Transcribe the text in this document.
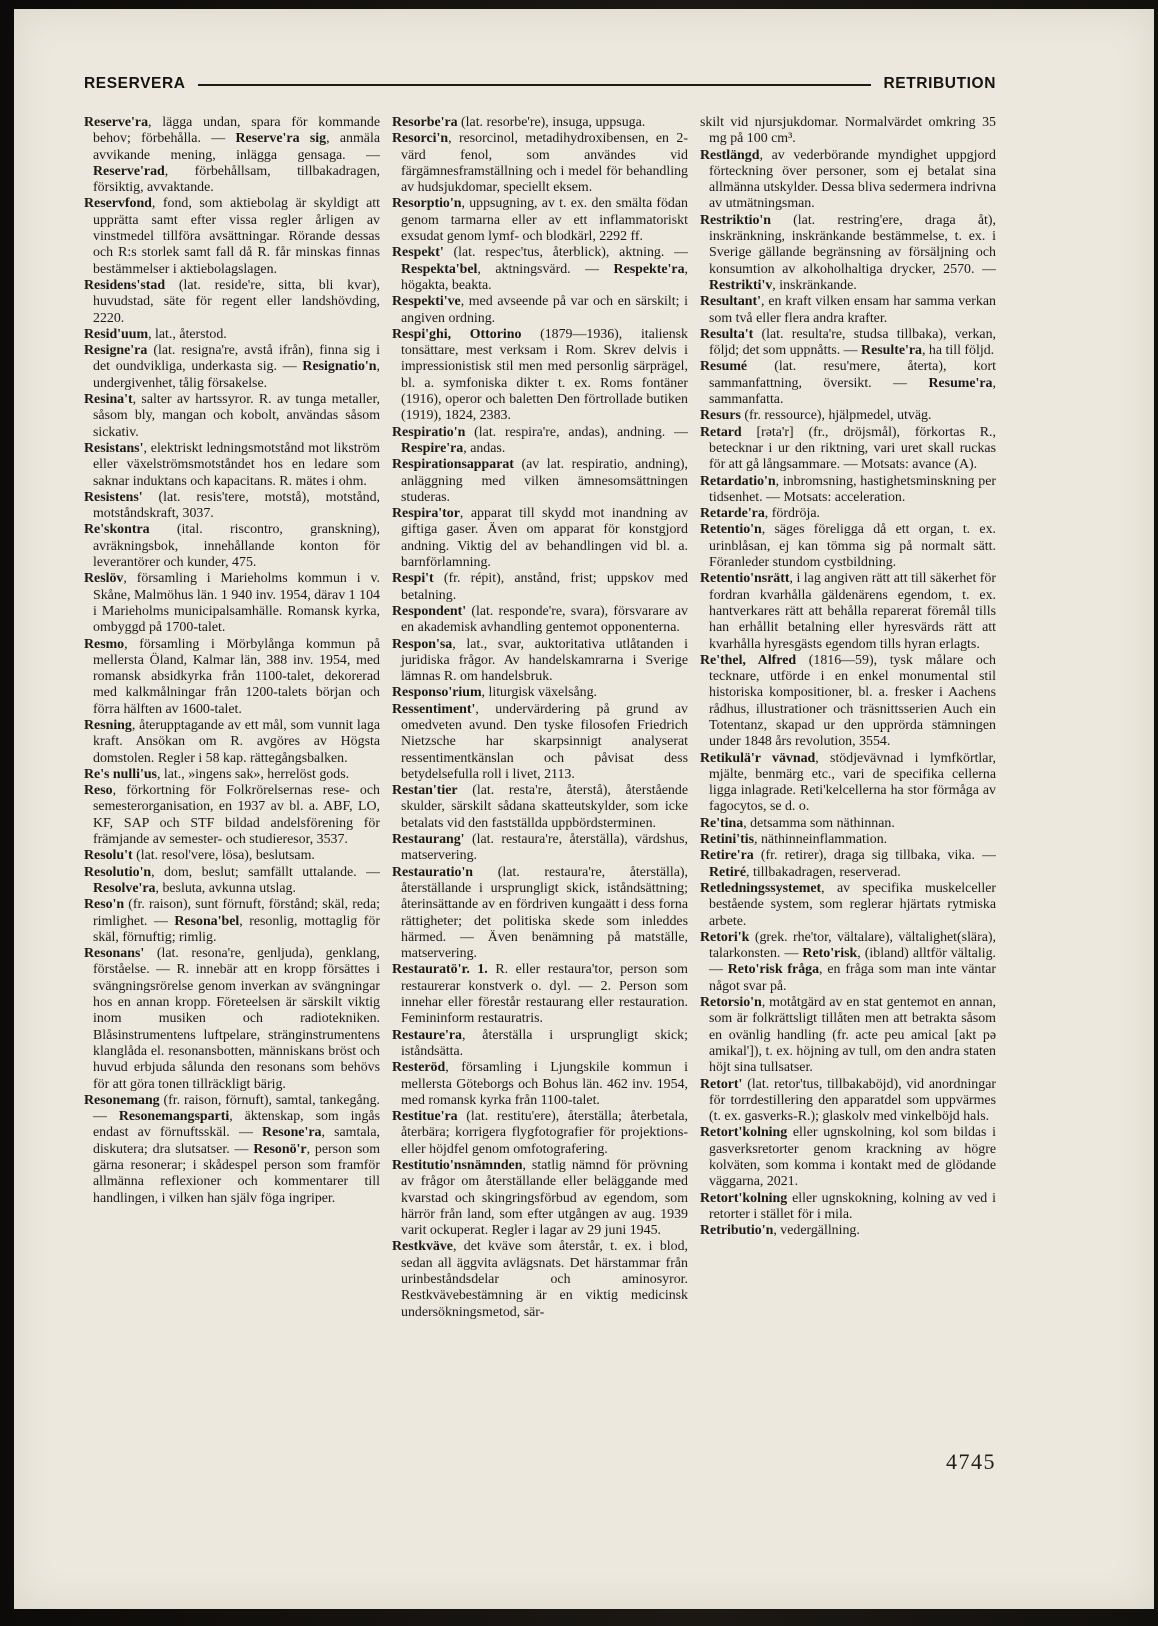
RESERVERA	RETRIBUTION

Reserve'ra, lägga undan, spara för kommande behov; förbehålla. — Reserve'ra sig, anmäla avvikande mening, inlägga gensaga. — Reserve'rad, förbehållsam, tillbakadragen, försiktig, avvaktande.

Reservfond, fond, som aktiebolag är skyldigt att upprätta samt efter vissa regler årligen av vinstmedel tillföra avsättningar. Rörande dessas och R:s storlek samt fall då R. får minskas finnas bestämmelser i aktiebolagslagen.

Residens'stad (lat. reside're, sitta, bli kvar), huvudstad, säte för regent eller landshövding, 2220.

Resid'uum, lat., återstod.

Resigne'ra (lat. resigna're, avstå ifrån), finna sig i det oundvikliga, underkasta sig. — Resignatio'n, undergivenhet, tålig försakelse.

Resina't, salter av hartssyror. R. av tunga metaller, såsom bly, mangan och kobolt, användas såsom sickativ.

Resistans', elektriskt ledningsmotstånd mot likström eller växelströmsmotståndet hos en ledare som saknar induktans och kapacitans. R. mätes i ohm.

Resistens' (lat. resis'tere, motstå), motstånd, motståndskraft, 3037.

Re'skontra (ital. riscontro, granskning), avräkningsbok, innehållande konton för leverantörer och kunder, 475.

Reslöv, församling i Marieholms kommun i v. Skåne, Malmöhus län. 1 940 inv. 1954, därav 1 104 i Marieholms municipalsamhälle. Romansk kyrka, ombyggd på 1700-talet.

Resmo, församling i Mörbylånga kommun på mellersta Öland, Kalmar län, 388 inv. 1954, med romansk absidkyrka från 1100-talet, dekorerad med kalkmålningar från 1200-talets början och förra hälften av 1600-talet.

Resning, återupptagande av ett mål, som vunnit laga kraft. Ansökan om R. avgöres av Högsta domstolen. Regler i 58 kap. rättegångsbalken.

Re's nulli'us, lat., »ingens sak», herrelöst gods.

Reso, förkortning för Folkrörelsernas rese- och semesterorganisation, en 1937 av bl. a. ABF, LO, KF, SAP och STF bildad andelsförening för främjande av semester- och studieresor, 3537.

Resolu't (lat. resol'vere, lösa), beslutsam.

Resolutio'n, dom, beslut; samfällt uttalande. — Resolve'ra, besluta, avkunna utslag.

Reso'n (fr. raison), sunt förnuft, förstånd; skäl, reda; rimlighet. — Resona'bel, resonlig, mottaglig för skäl, förnuftig; rimlig.

Resonans' (lat. resona're, genljuda), genklang, förståelse. — R. innebär att en kropp försättes i svängningsrörelse genom inverkan av svängningar hos en annan kropp. Företeelsen är särskilt viktig inom musiken och radiotekniken. Blåsinstrumentens luftpelare, stränginstrumentens klanglåda el. resonansbotten, människans bröst och huvud erbjuda sålunda den resonans som behövs för att göra tonen tillräckligt bärig.

Resonemang (fr. raison, förnuft), samtal, tankegång. — Resonemangsparti, äktenskap, som ingås endast av förnuftsskäl. — Resone'ra, samtala, diskutera; dra slutsatser. — Resonö'r, person som gärna resonerar; i skådespel person som framför allmänna reflexioner och kommentarer till handlingen, i vilken han själv föga ingriper.

Resorbe'ra (lat. resorbe're), insuga, uppsuga.

Resorci'n, resorcinol, metadihydroxibensen, en 2-värd fenol, som användes vid färgämnesframställning och i medel för behandling av hudsjukdomar, speciellt eksem.

Resorptio'n, uppsugning, av t. ex. den smälta födan genom tarmarna eller av ett inflammatoriskt exsudat genom lymf- och blodkärl, 2292 ff.

Respekt' (lat. respec'tus, återblick), aktning. — Respekta'bel, aktningsvärd. — Respekte'ra, högakta, beakta.

Respekti've, med avseende på var och en särskilt; i angiven ordning.

Respi'ghi, Ottorino (1879—1936), italiensk tonsättare, mest verksam i Rom. Skrev delvis i impressionistisk stil men med personlig särprägel, bl. a. symfoniska dikter t. ex. Roms fontäner (1916), operor och baletten Den förtrollade butiken (1919), 1824, 2383.

Respiratio'n (lat. respira're, andas), andning. — Respire'ra, andas.

Respirationsapparat (av lat. respiratio, andning), anläggning med vilken ämnesomsättningen studeras.

Respira'tor, apparat till skydd mot inandning av giftiga gaser. Även om apparat för konstgjord andning. Viktig del av behandlingen vid bl. a. barnförlamning.

Respi't (fr. répit), anstånd, frist; uppskov med betalning.

Respondent' (lat. responde're, svara), försvarare av en akademisk avhandling gentemot opponenterna.

Respon'sa, lat., svar, auktoritativa utlåtanden i juridiska frågor. Av handelskamrarna i Sverige lämnas R. om handelsbruk.

Responso'rium, liturgisk växelsång.

Ressentiment', undervärdering på grund av omedveten avund. Den tyske filosofen Friedrich Nietzsche har skarpsinnigt analyserat ressentimentkänslan och påvisat dess betydelsefulla roll i livet, 2113.

Restan'tier (lat. resta're, återstå), återstående skulder, särskilt sådana skatteutskylder, som icke betalats vid den fastställda uppbördsterminen.

Restaurang' (lat. restaura're, återställa), värdshus, matservering.

Restauratio'n (lat. restaura're, återställa), återställande i ursprungligt skick, iståndsättning; återinsättande av en fördriven kungaätt i dess forna rättigheter; det politiska skede som inleddes härmed. — Även benämning på matställe, matservering.

Restauratö'r. 1. R. eller restaura'tor, person som restaurerar konstverk o. dyl. — 2. Person som innehar eller förestår restaurang eller restauration. Femininform restauratris.

Restaure'ra, återställa i ursprungligt skick; iståndsätta.

Resteröd, församling i Ljungskile kommun i mellersta Göteborgs och Bohus län. 462 inv. 1954, med romansk kyrka från 1100-talet.

Restitue'ra (lat. restitu'ere), återställa; återbetala, återbära; korrigera flygfotografier för projektions- eller höjdfel genom omfotografering.

Restitutio'nsnämnden, statlig nämnd för prövning av frågor om återställande eller beläggande med kvarstad och skingringsförbud av egendom, som härrör från land, som efter utgången av aug. 1939 varit ockuperat. Regler i lagar av 29 juni 1945.

Restkväve, det kväve som återstår, t. ex. i blod, sedan all äggvita avlägsnats. Det härstammar från urinbeståndsdelar och aminosyror. Restkvävebestämning är en viktig medicinsk undersökningsmetod, sär-

skilt vid njursjukdomar. Normalvärdet omkring 35 mg på 100 cm³.

Restlängd, av vederbörande myndighet uppgjord förteckning över personer, som ej betalat sina allmänna utskylder. Dessa bliva sedermera indrivna av utmätningsman.

Restriktio'n (lat. restring'ere, draga åt), inskränkning, inskränkande bestämmelse, t. ex. i Sverige gällande begränsning av försäljning och konsumtion av alkoholhaltiga drycker, 2570. — Restrikti'v, inskränkande.

Resultant', en kraft vilken ensam har samma verkan som två eller flera andra krafter.

Resulta't (lat. resulta're, studsa tillbaka), verkan, följd; det som uppnåtts. — Resulte'ra, ha till följd.

Resumé (lat. resu'mere, återta), kort sammanfattning, översikt. — Resume'ra, sammanfatta.

Resurs (fr. ressource), hjälpmedel, utväg.

Retard [rəta'r] (fr., dröjsmål), förkortas R., betecknar i ur den riktning, vari uret skall ruckas för att gå långsammare. — Motsats: avance (A).

Retardatio'n, inbromsning, hastighetsminskning per tidsenhet. — Motsats: acceleration.

Retarde'ra, fördröja.

Retentio'n, säges föreligga då ett organ, t. ex. urinblåsan, ej kan tömma sig på normalt sätt. Föranleder stundom cystbildning.

Retentio'nsrätt, i lag angiven rätt att till säkerhet för fordran kvarhålla gäldenärens egendom, t. ex. hantverkares rätt att behålla reparerat föremål tills han erhållit betalning eller hyresvärds rätt att kvarhålla hyresgästs egendom tills hyran erlagts.

Re'thel, Alfred (1816—59), tysk målare och tecknare, utförde i en enkel monumental stil historiska kompositioner, bl. a. fresker i Aachens rådhus, illustrationer och träsnittsserien Auch ein Totentanz, skapad ur den upprörda stämningen under 1848 års revolution, 3554.

Retikulä'r vävnad, stödjevävnad i lymfkörtlar, mjälte, benmärg etc., vari de specifika cellerna ligga inlagrade. Reti'kelcellerna ha stor förmåga av fagocytos, se d. o.

Re'tina, detsamma som näthinnan.

Retini'tis, näthinneinflammation.

Retire'ra (fr. retirer), draga sig tillbaka, vika. — Retiré, tillbakadragen, reserverad.

Retledningssystemet, av specifika muskelceller bestående system, som reglerar hjärtats rytmiska arbete.

Retori'k (grek. rhe'tor, vältalare), vältalighet(slära), talarkonsten. — Reto'risk, (ibland) alltför vältalig. — Reto'risk fråga, en fråga som man inte väntar något svar på.

Retorsio'n, motåtgärd av en stat gentemot en annan, som är folkrättsligt tillåten men att betrakta såsom en ovänlig handling (fr. acte peu amical [akt pə amikal']), t. ex. höjning av tull, om den andra staten höjt sina tullsatser.

Retort' (lat. retor'tus, tillbakaböjd), vid anordningar för torrdestillering den apparatdel som uppvärmes (t. ex. gasverks-R.); glaskolv med vinkelböjd hals.

Retort'kolning eller ugnskolning, kol som bildas i gasverksretorter genom krackning av högre kolväten, som komma i kontakt med de glödande väggarna, 2021.

Retort'kolning eller ugnskokning, kolning av ved i retorter i stället för i mila.

Retributio'n, vedergällning.

4745
